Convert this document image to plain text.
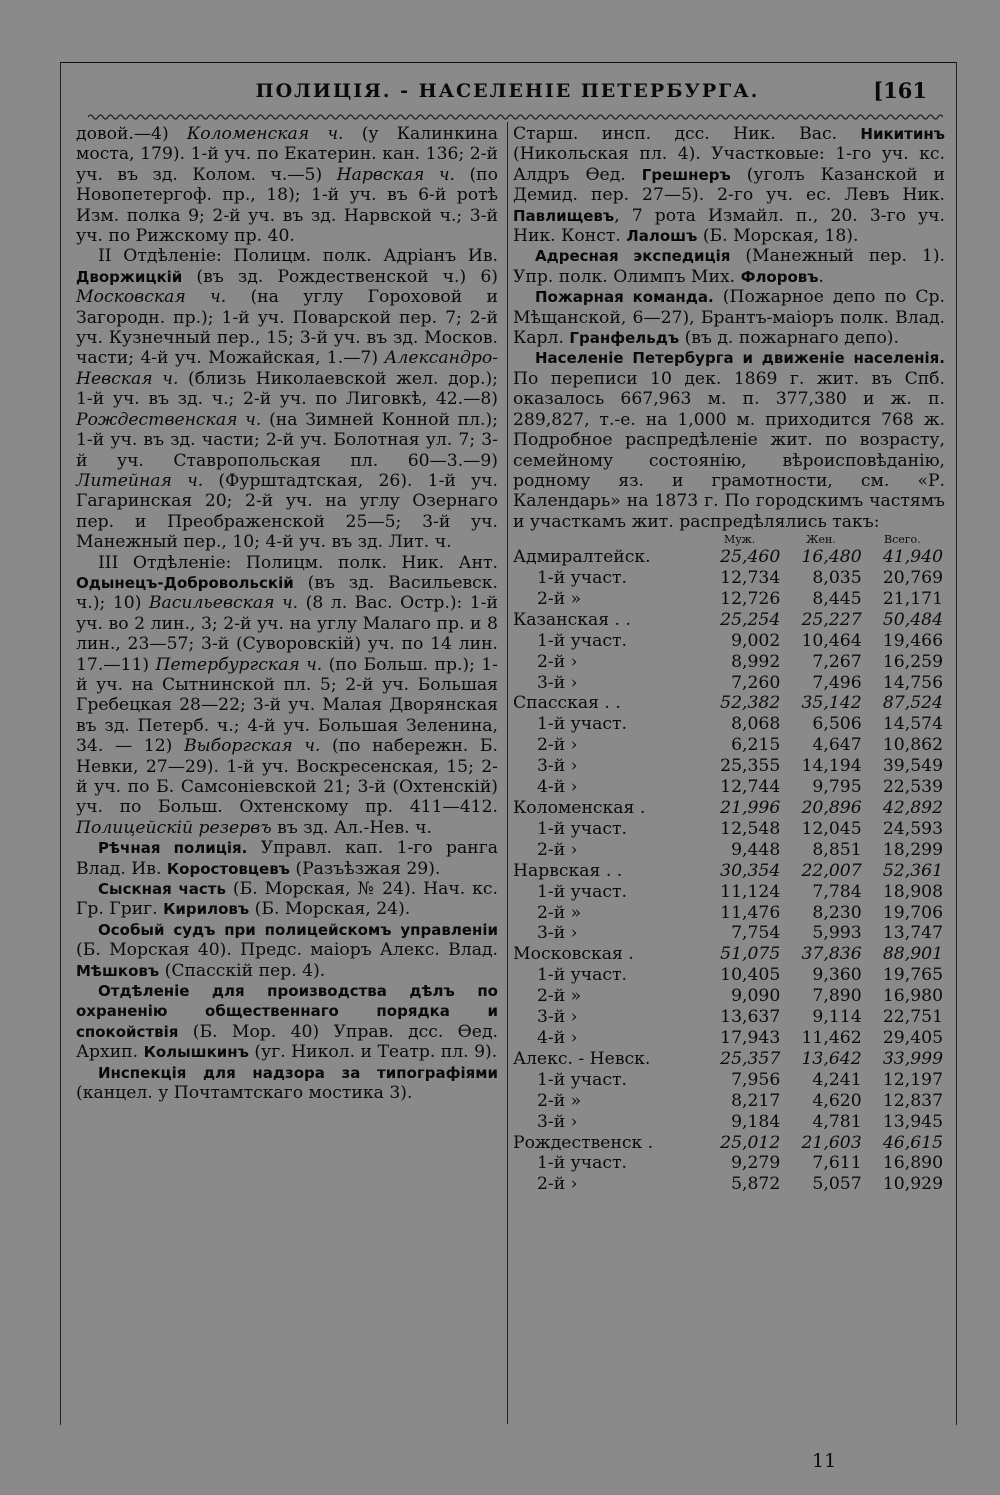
ПОЛИЦІЯ. - НАСЕЛЕНІЕ ПЕТЕРБУРГА.	[161

довой.—4) Коломенская ч. (у Калинкина моста, 179). 1-й уч. по Екатерин. кан. 136; 2-й уч. въ зд. Колом. ч.—5) Нарвская ч. (по Новопетергоф. пр., 18); 1-й уч. въ 6-й ротѣ Изм. полка 9; 2-й уч. въ зд. Нарвской ч.; 3-й уч. по Рижскому пр. 40.

II Отдѣленіе: Полицм. полк. Адріанъ Ив. Дворжицкій (въ зд. Рождественской ч.) 6) Московская ч. (на углу Гороховой и Загородн. пр.); 1-й уч. Поварской пер. 7; 2-й уч. Кузнечный пер., 15; 3-й уч. въ зд. Москов. части; 4-й уч. Можайская, 1.—7) Александро-Невская ч. (близь Николаевской жел. дор.); 1-й уч. въ зд. ч.; 2-й уч. по Лиговкѣ, 42.—8) Рождественская ч. (на Зимней Конной пл.); 1-й уч. въ зд. части; 2-й уч. Болотная ул. 7; 3-й уч. Ставропольская пл. 60—3.—9) Литейная ч. (Фурштадтская, 26). 1-й уч. Гагаринская 20; 2-й уч. на углу Озернаго пер. и Преображенской 25—5; 3-й уч. Манежный пер., 10; 4-й уч. въ зд. Лит. ч.

III Отдѣленіе: Полицм. полк. Ник. Ант. Одынецъ-Добровольскій (въ зд. Васильевск. ч.); 10) Васильевская ч. (8 л. Вас. Остр.): 1-й уч. во 2 лин., 3; 2-й уч. на углу Малаго пр. и 8 лин., 23—57; 3-й (Суворовскій) уч. по 14 лин. 17.—11) Петербургская ч. (по Больш. пр.); 1-й уч. на Сытнинской пл. 5; 2-й уч. Большая Гребецкая 28—22; 3-й уч. Малая Дворянская въ зд. Петерб. ч.; 4-й уч. Большая Зеленина, 34. — 12) Выборгская ч. (по набережн. Б. Невки, 27—29). 1-й уч. Воскресенская, 15; 2-й уч. по Б. Самсоніевской 21; 3-й (Охтенскій) уч. по Больш. Охтенскому пр. 411—412. Полицейскій резервъ въ зд. Ал.-Нев. ч.

Рѣчная полиція. Управл. кап. 1-го ранга Влад. Ив. Коростовцевъ (Разъѣзжая 29).

Сыскная часть (Б. Морская, № 24). Нач. кс. Гр. Григ. Кириловъ (Б. Морская, 24).

Особый судъ при полицейскомъ управленіи (Б. Морская 40). Предс. маіоръ Алекс. Влад. Мѣшковъ (Спасскій пер. 4).

Отдѣленіе для производства дѣлъ по охраненію общественнаго порядка и спокойствія (Б. Мор. 40) Управ. дсс. Ѳед. Архип. Колышкинъ (уг. Никол. и Театр. пл. 9).

Инспекція для надзора за типографіями (канцел. у Почтамтскаго мостика 3).

Старш. инсп. дсс. Ник. Вас. Никитинъ (Никольская пл. 4). Участковые: 1-го уч. кс. Алдръ Ѳед. Грешнеръ (уголъ Казанской и Демид. пер. 27—5). 2-го уч. ес. Левъ Ник. Павлищевъ, 7 рота Измайл. п., 20. 3-го уч. Ник. Конст. Лалошъ (Б. Морская, 18).

Адресная экспедиція (Манежный пер. 1). Упр. полк. Олимпъ Мих. Флоровъ.

Пожарная команда. (Пожарное депо по Ср. Мѣщанской, 6—27), Брантъ-маіоръ полк. Влад. Карл. Гранфельдъ (въ д. пожарнаго депо).

Населеніе Петербурга и движеніе населенія. По переписи 10 дек. 1869 г. жит. въ Спб. оказалось 667,963 м. п. 377,380 и ж. п. 289,827, т.-е. на 1,000 м. приходится 768 ж. Подробное распредѣленіе жит. по возрасту, семейному состоянію, вѣроисповѣданію, родному яз. и грамотности, см. «Р. Календарь» на 1873 г. По городскимъ частямъ и участкамъ жит. распредѣлялись такъ:

	Муж.	Жен.	Всего.
Адмиралтейск.	25,460	16,480	41,940
1-й участ.	12,734	8,035	20,769
2-й »	12,726	8,445	21,171
Казанская . .	25,254	25,227	50,484
1-й участ.	9,002	10,464	19,466
2-й ›	8,992	7,267	16,259
3-й ›	7,260	7,496	14,756
Спасская . .	52,382	35,142	87,524
1-й участ.	8,068	6,506	14,574
2-й ›	6,215	4,647	10,862
3-й ›	25,355	14,194	39,549
4-й ›	12,744	9,795	22,539
Коломенская .	21,996	20,896	42,892
1-й участ.	12,548	12,045	24,593
2-й ›	9,448	8,851	18,299
Нарвская . .	30,354	22,007	52,361
1-й участ.	11,124	7,784	18,908
2-й »	11,476	8,230	19,706
3-й ›	7,754	5,993	13,747
Московская .	51,075	37,836	88,901
1-й участ.	10,405	9,360	19,765
2-й »	9,090	7,890	16,980
3-й ›	13,637	9,114	22,751
4-й ›	17,943	11,462	29,405
Алекс. - Невск.	25,357	13,642	33,999
1-й участ.	7,956	4,241	12,197
2-й »	8,217	4,620	12,837
3-й ›	9,184	4,781	13,945
Рождественск .	25,012	21,603	46,615
1-й участ.	9,279	7,611	16,890
2-й ›	5,872	5,057	10,929
11
